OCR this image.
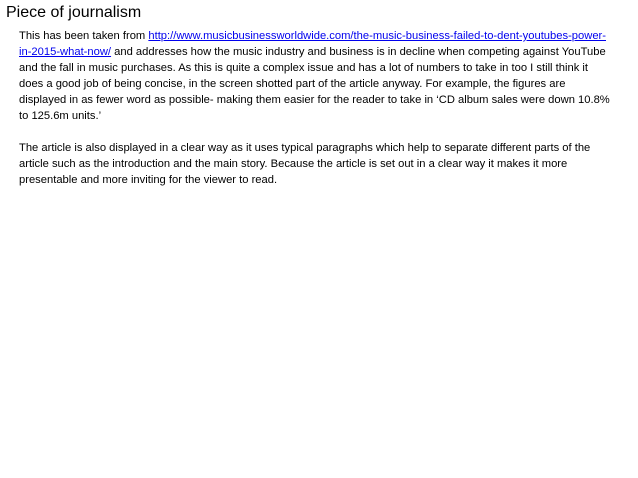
Piece of journalism

This has been taken from http://www.musicbusinessworldwide.com/the-music-business-failed-to-dent-youtubes-power-in-2015-what-now/ and addresses how the music industry and business is in decline when competing against YouTube and the fall in music purchases. As this is quite a complex issue and has a lot of numbers to take in too I still think it does a good job of being concise, in the screen shotted part of the article anyway. For example, the figures are displayed in as fewer word as possible- making them easier for the reader to take in ‘CD album sales were down 10.8% to 125.6m units.’

The article is also displayed in a clear way as it uses typical paragraphs which help to separate different parts of the article such as the introduction and the main story. Because the article is set out in a clear way it makes it more presentable and more inviting for the viewer to read.
